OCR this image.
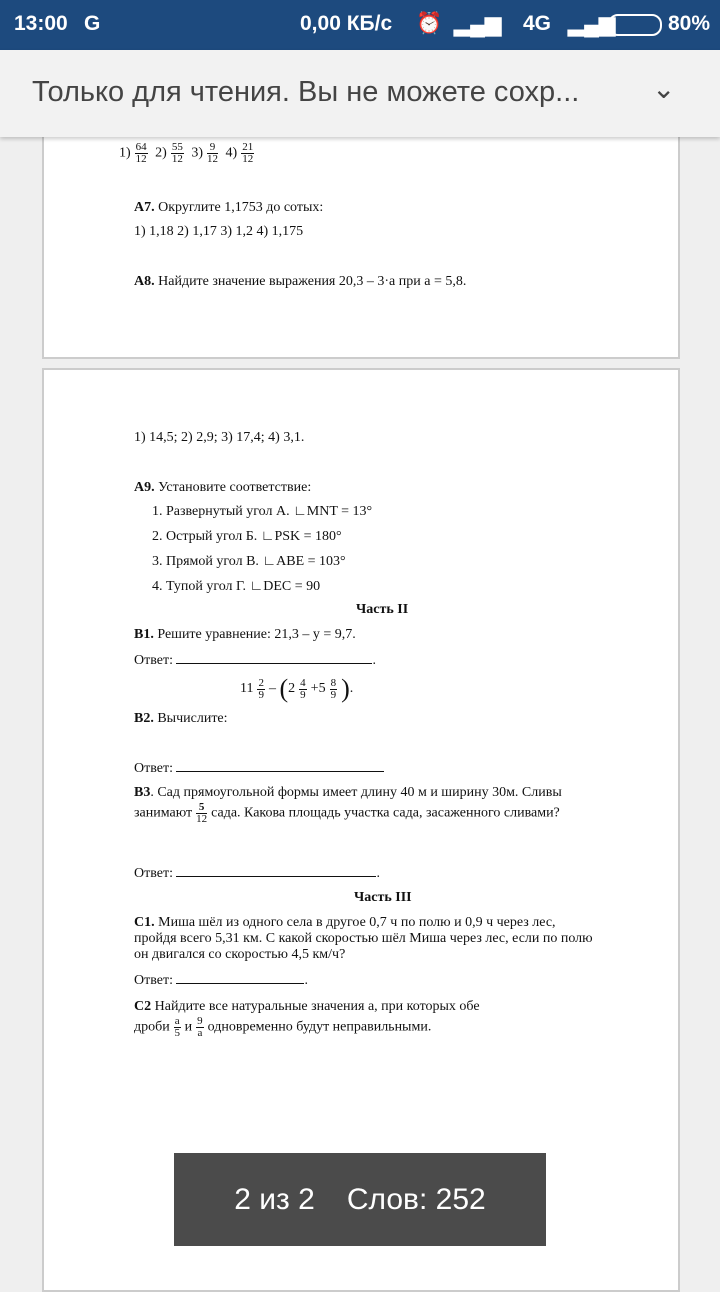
13:00 G	0,00 КБ/с ⏰ ▂▄▆ 4G ▂▄▆	80%
Только для чтения. Вы не можете сохр...	⌄
$1) \frac{64}{12} 2) \frac{55}{12} 3) \frac{9}{12} 4) \frac{21}{12}$
А7. Округлите 1,1753 до сотых:
1) 1,18 2) 1,17 3) 1,2 4) 1,175
А8. Найдите значение выражения 20,3 – 3·a при a = 5,8.
1) 14,5; 2) 2,9; 3) 17,4; 4) 3,1.
А9. Установите соответствие:
1. Развернутый угол А. ∟MNT = 13°
2. Острый угол Б. ∟PSK = 180°
3. Прямой угол В. ∟ABE = 103°
4. Тупой угол Г. ∟DEC = 90
Часть II
В1. Решите уравнение: 21,3 – y = 9,7.
Ответ:	.
$11 \frac{2}{9} - (2 \frac{4}{9} +5 \frac{8}{9}$ ).
В2. Вычислите:
Ответ:
В3. Сад прямоугольной формы имеет длину 40 м и ширину 30м. Сливы
занимают $\frac{5}{12}$ сада. Какова площадь участка сада, засаженного сливами?
Ответ:	.
Часть III
С1. Миша шёл из одного села в другое 0,7 ч по полю и 0,9 ч через лес,
пройдя всего 5,31 км. С какой скоростью шёл Миша через лес, если по полю
он двигался со скоростью 4,5 км/ч?
Ответ:	.
С2 Найдите все натуральные значения a, при которых обе
дроби $\frac{a}{5}$ и $\frac{9}{a}$ одновременно будут неправильными.
2 из 2 Слов: 252
